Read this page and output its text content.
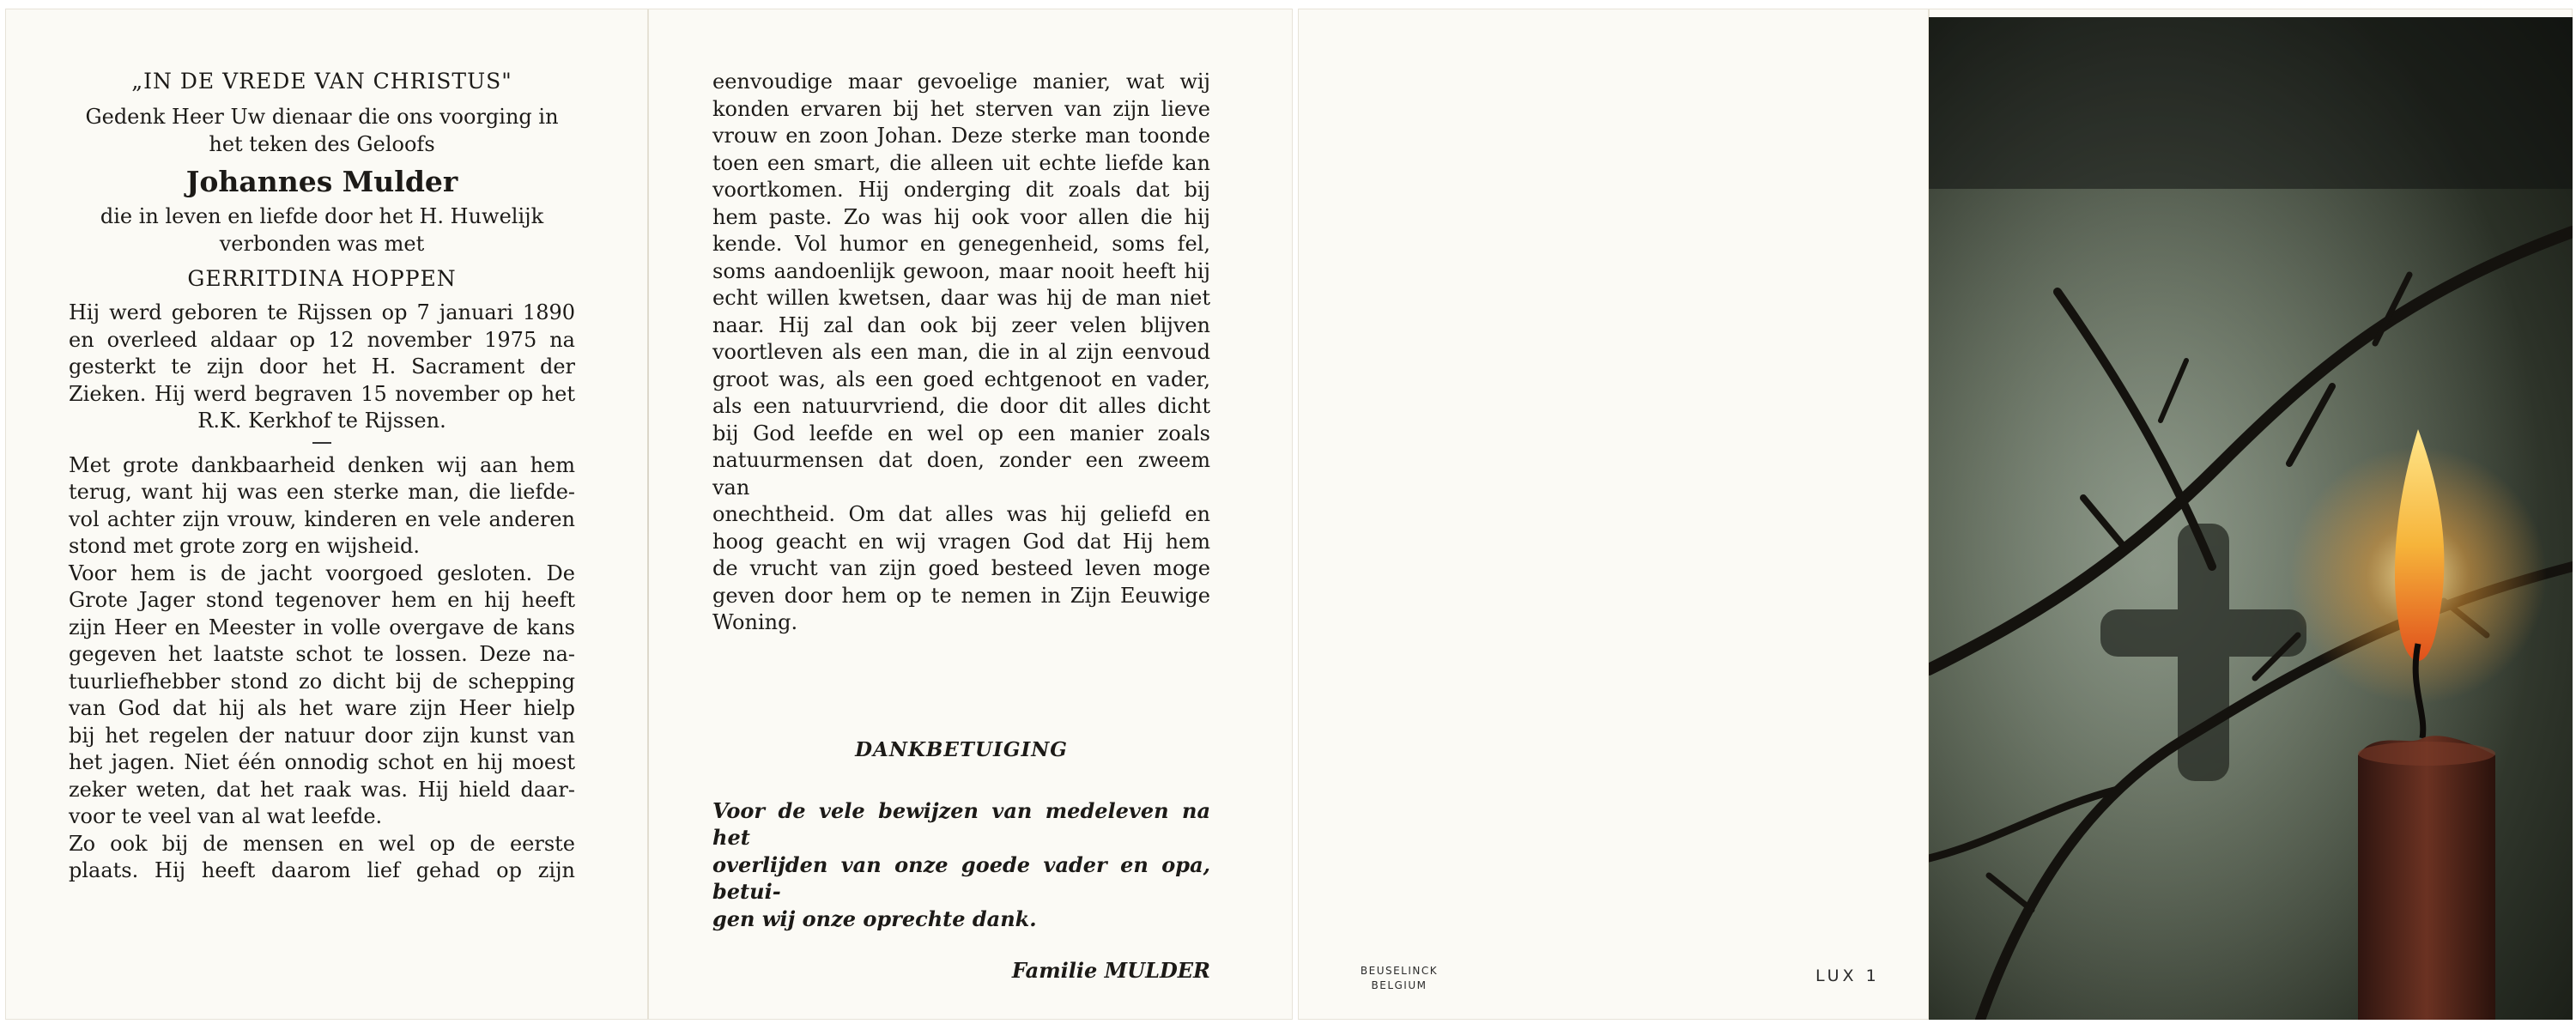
„IN DE VREDE VAN CHRISTUS"

Gedenk Heer Uw dienaar die ons voorging in

het teken des Geloofs

Johannes Mulder

die in leven en liefde door het H. Huwelijk

verbonden was met

GERRITDINA HOPPEN

Hij werd geboren te Rijssen op 7 januari 1890

en overleed aldaar op 12 november 1975 na

gesterkt te zijn door het H. Sacrament der

Zieken. Hij werd begraven 15 november op het

R.K. Kerkhof te Rijssen.

Met grote dankbaarheid denken wij aan hem

terug, want hij was een sterke man, die liefde-

vol achter zijn vrouw, kinderen en vele anderen

stond met grote zorg en wijsheid.

Voor hem is de jacht voorgoed gesloten. De

Grote Jager stond tegenover hem en hij heeft

zijn Heer en Meester in volle overgave de kans

gegeven het laatste schot te lossen. Deze na-

tuurliefhebber stond zo dicht bij de schepping

van God dat hij als het ware zijn Heer hielp

bij het regelen der natuur door zijn kunst van

het jagen. Niet één onnodig schot en hij moest

zeker weten, dat het raak was. Hij hield daar-

voor te veel van al wat leefde.

Zo ook bij de mensen en wel op de eerste

plaats. Hij heeft daarom lief gehad op zijn

eenvoudige maar gevoelige manier, wat wij

konden ervaren bij het sterven van zijn lieve

vrouw en zoon Johan. Deze sterke man toonde

toen een smart, die alleen uit echte liefde kan

voortkomen. Hij onderging dit zoals dat bij

hem paste. Zo was hij ook voor allen die hij

kende. Vol humor en genegenheid, soms fel,

soms aandoenlijk gewoon, maar nooit heeft hij

echt willen kwetsen, daar was hij de man niet

naar. Hij zal dan ook bij zeer velen blijven

voortleven als een man, die in al zijn eenvoud

groot was, als een goed echtgenoot en vader,

als een natuurvriend, die door dit alles dicht

bij God leefde en wel op een manier zoals

natuurmensen dat doen, zonder een zweem van

onechtheid. Om dat alles was hij geliefd en

hoog geacht en wij vragen God dat Hij hem

de vrucht van zijn goed besteed leven moge

geven door hem op te nemen in Zijn Eeuwige

Woning.

DANKBETUIGING

Voor de vele bewijzen van medeleven na het

overlijden van onze goede vader en opa, betui-

gen wij onze oprechte dank.

Familie MULDER	BEUSELINCK
BELGIUM	LUX 1
